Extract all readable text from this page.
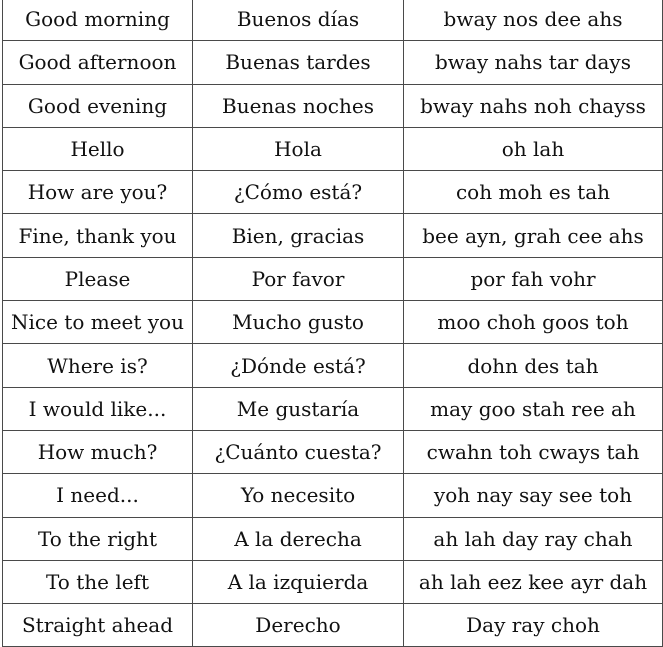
Good morning	Buenos días	bway nos dee ahs
Good afternoon	Buenas tardes	bway nahs tar days
Good evening	Buenas noches	bway nahs noh chayss
Hello	Hola	oh lah
How are you?	¿Cómo está?	coh moh es tah
Fine, thank you	Bien, gracias	bee ayn, grah cee ahs
Please	Por favor	por fah vohr
Nice to meet you	Mucho gusto	moo choh goos toh
Where is?	¿Dónde está?	dohn des tah
I would like...	Me gustaría	may goo stah ree ah
How much?	¿Cuánto cuesta?	cwahn toh cways tah
I need...	Yo necesito	yoh nay say see toh
To the right	A la derecha	ah lah day ray chah
To the left	A la izquierda	ah lah eez kee ayr dah
Straight ahead	Derecho	Day ray choh
